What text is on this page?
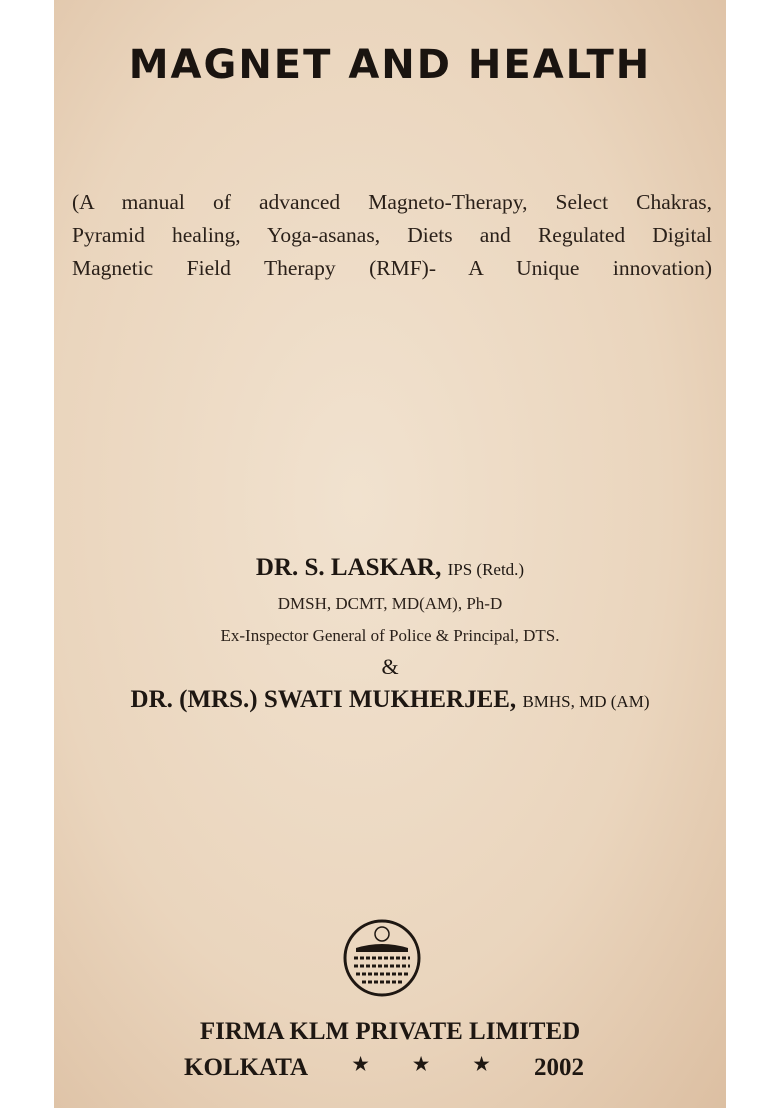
MAGNET AND HEALTH
(A manual of advanced Magneto-Therapy, Select Chakras,
Pyramid healing, Yoga-asanas, Diets and Regulated Digital
Magnetic Field Therapy (RMF)- A Unique innovation)
DR. S. LASKAR, IPS (Retd.)
DMSH, DCMT, MD(AM), Ph-D
Ex-Inspector General of Police & Principal, DTS.
&
DR. (MRS.) SWATI MUKHERJEE, BMHS, MD (AM)
FIRMA KLM PRIVATE LIMITED
KOLKATA ★ ★ ★ 2002
